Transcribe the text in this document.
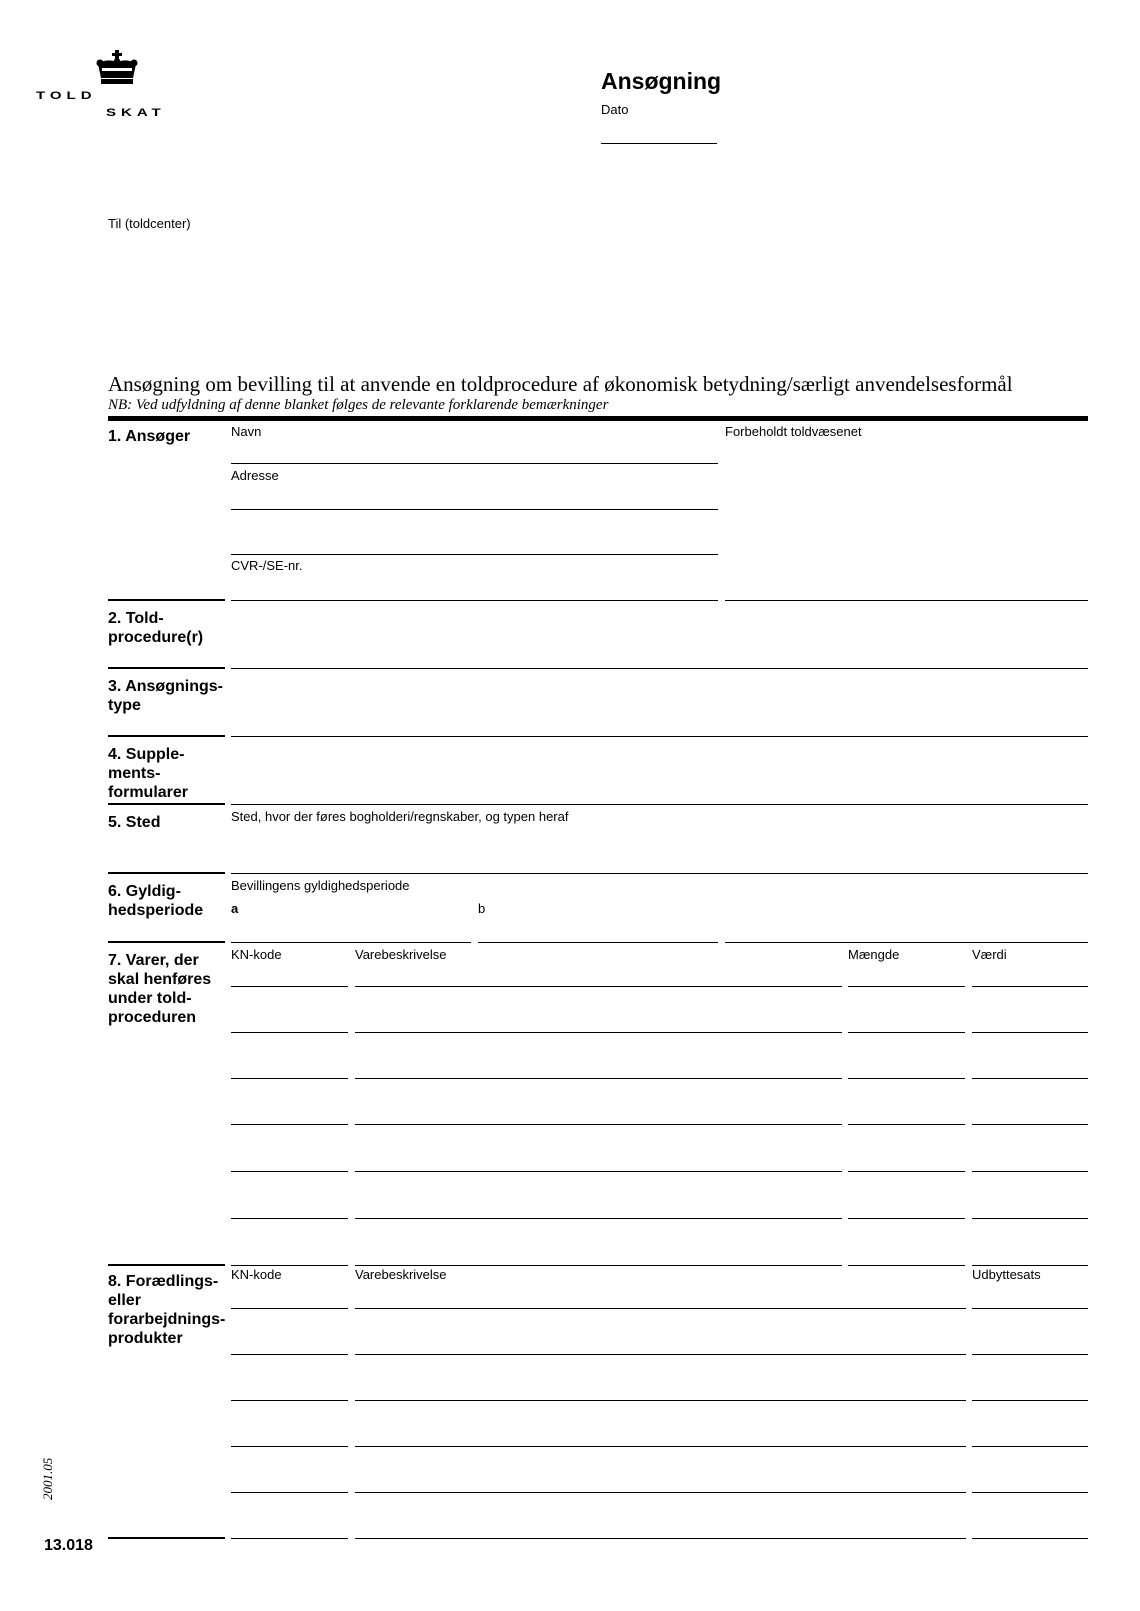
TOLD
SKAT
Ansøgning
Dato
Til (toldcenter)
Ansøgning om bevilling til at anvende en toldprocedure af økonomisk betydning/særligt anvendelsesformål
NB: Ved udfyldning af denne blanket følges de relevante forklarende bemærkninger
1. Ansøger	Navn	Forbeholdt toldvæsenet
Adresse
CVR-/SE-nr.
2. Told-
procedure(r)
3. Ansøgnings-
type
4. Supple-
ments-
formularer
5. Sted	Sted, hvor der føres bogholderi/regnskaber, og typen heraf
6. Gyldig-
hedsperiode
Bevillingens gyldighedsperiode
a	b
7. Varer, der
skal henføres
under told-
proceduren
KN-kode	Varebeskrivelse	Mængde	Værdi
8. Forædlings-
eller
forarbejdnings-
produkter
KN-kode	Varebeskrivelse	Udbyttesats
2001.05
13.018
